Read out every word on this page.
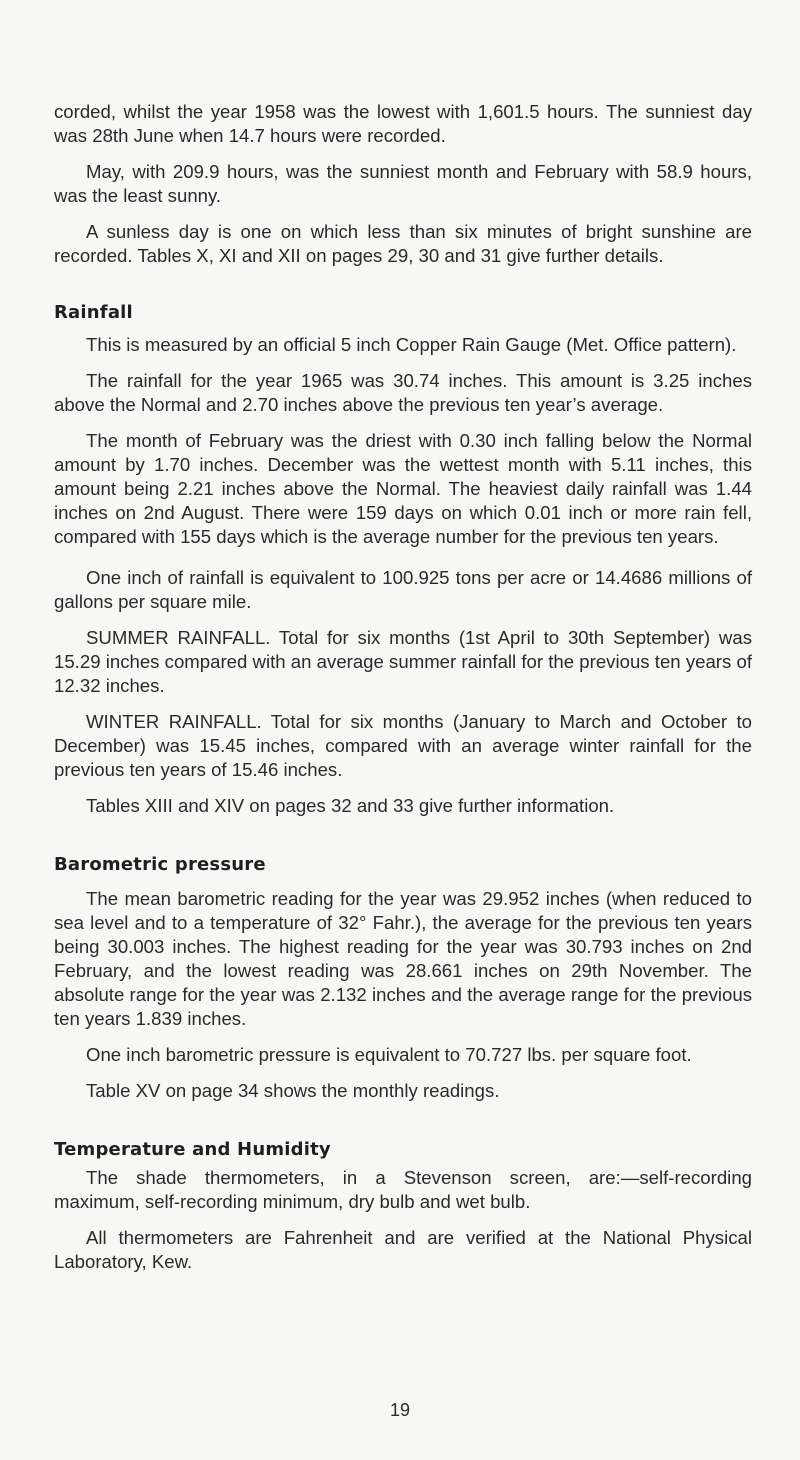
corded, whilst the year 1958 was the lowest with 1,601.5 hours. The sunniest day was 28th June when 14.7 hours were recorded.

May, with 209.9 hours, was the sunniest month and February with 58.9 hours, was the least sunny.

A sunless day is one on which less than six minutes of bright sunshine are recorded. Tables X, XI and XII on pages 29, 30 and 31 give further details.

Rainfall

This is measured by an official 5 inch Copper Rain Gauge (Met. Office pattern).

The rainfall for the year 1965 was 30.74 inches. This amount is 3.25 inches above the Normal and 2.70 inches above the previous ten year’s average.

The month of February was the driest with 0.30 inch falling below the Normal amount by 1.70 inches. December was the wettest month with 5.11 inches, this amount being 2.21 inches above the Normal. The heaviest daily rainfall was 1.44 inches on 2nd August. There were 159 days on which 0.01 inch or more rain fell, compared with 155 days which is the average number for the previous ten years.

One inch of rainfall is equivalent to 100.925 tons per acre or 14.4686 millions of gallons per square mile.

SUMMER RAINFALL. Total for six months (1st April to 30th September) was 15.29 inches compared with an average summer rainfall for the previous ten years of 12.32 inches.

WINTER RAINFALL. Total for six months (January to March and October to December) was 15.45 inches, compared with an average winter rainfall for the previous ten years of 15.46 inches.

Tables XIII and XIV on pages 32 and 33 give further information.

Barometric pressure

The mean barometric reading for the year was 29.952 inches (when reduced to sea level and to a temperature of 32° Fahr.), the average for the previous ten years being 30.003 inches. The highest reading for the year was 30.793 inches on 2nd February, and the lowest reading was 28.661 inches on 29th November. The absolute range for the year was 2.132 inches and the average range for the previous ten years 1.839 inches.

One inch barometric pressure is equivalent to 70.727 lbs. per square foot.

Table XV on page 34 shows the monthly readings.

Temperature and Humidity

The shade thermometers, in a Stevenson screen, are:—self-recording maximum, self-recording minimum, dry bulb and wet bulb.

All thermometers are Fahrenheit and are verified at the National Physical Laboratory, Kew.

19
